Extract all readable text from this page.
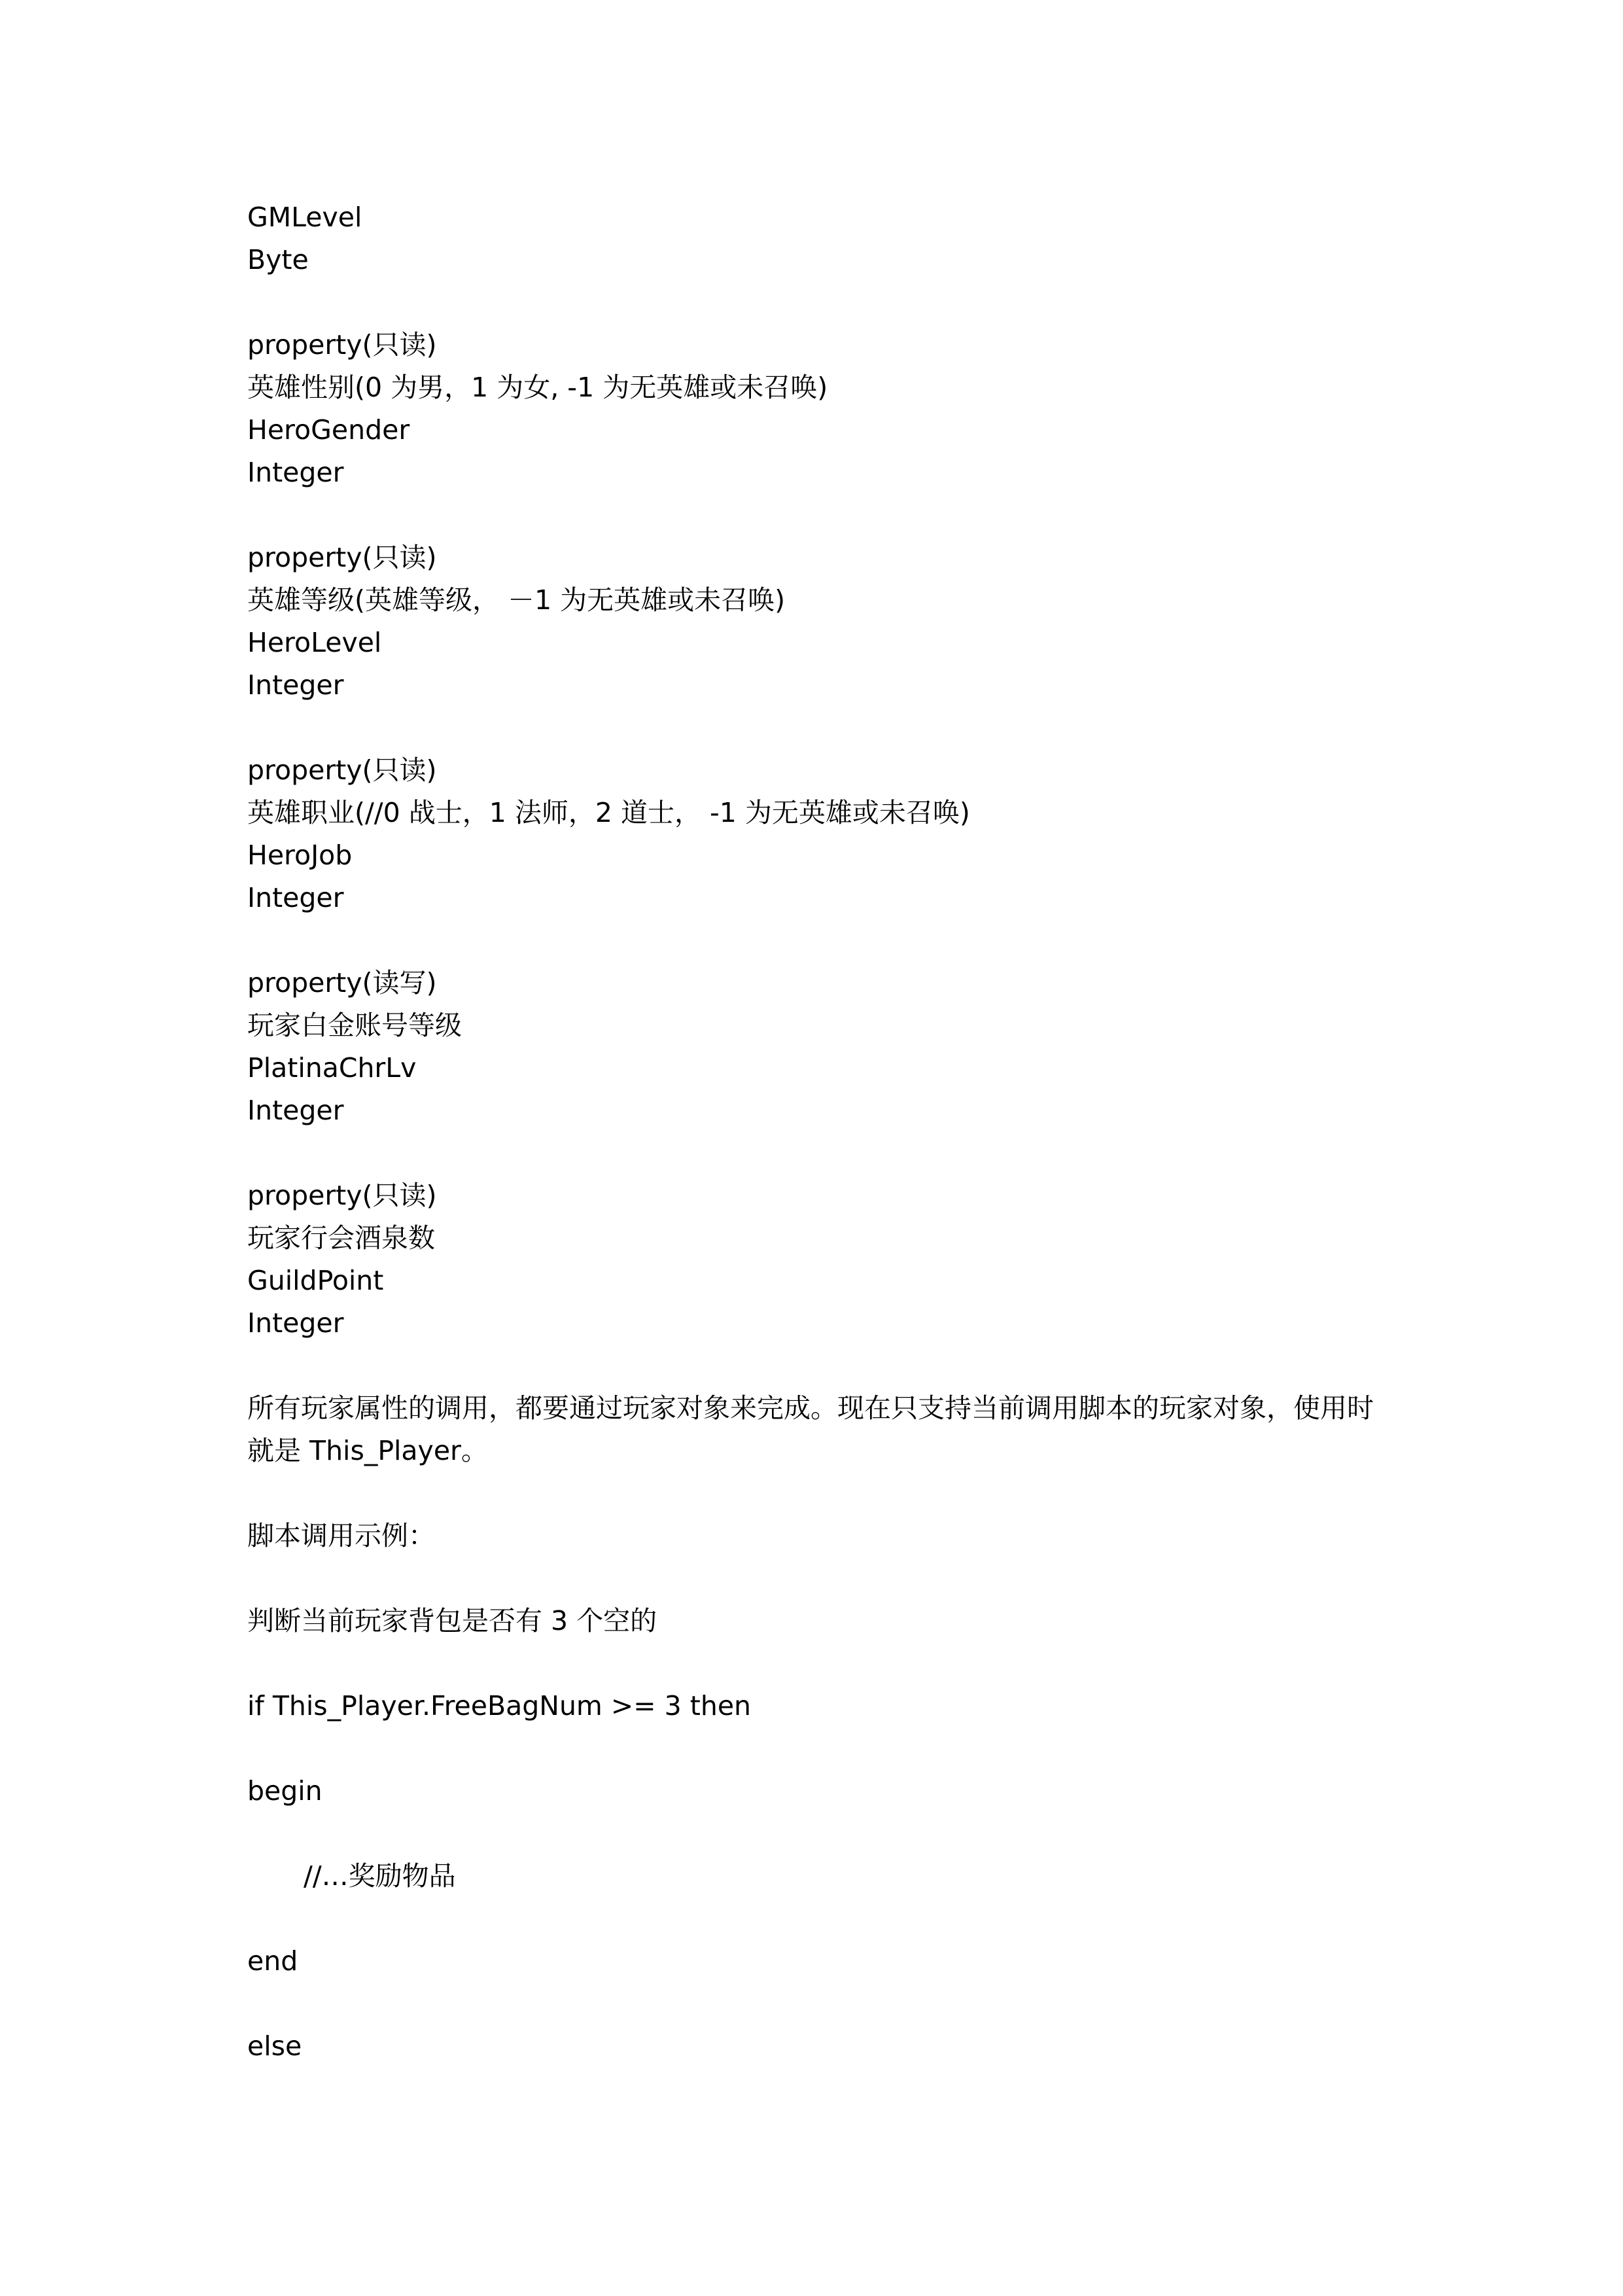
GMLevel
Byte
property(只读)
英雄性别(0 为男，1 为女, -1 为无英雄或未召唤)
HeroGender
Integer
property(只读)
英雄等级(英雄等级， －1 为无英雄或未召唤)
HeroLevel
Integer
property(只读)
英雄职业(//0 战士，1 法师，2 道士， -1 为无英雄或未召唤)
HeroJob
Integer
property(读写)
玩家白金账号等级
PlatinaChrLv
Integer
property(只读)
玩家行会酒泉数
GuildPoint
Integer
所有玩家属性的调用，都要通过玩家对象来完成。现在只支持当前调用脚本的玩家对象，使用时就是 This_Player。
脚本调用示例：
判断当前玩家背包是否有 3 个空的
if This_Player.FreeBagNum >= 3 then
begin
//…奖励物品
end
else
